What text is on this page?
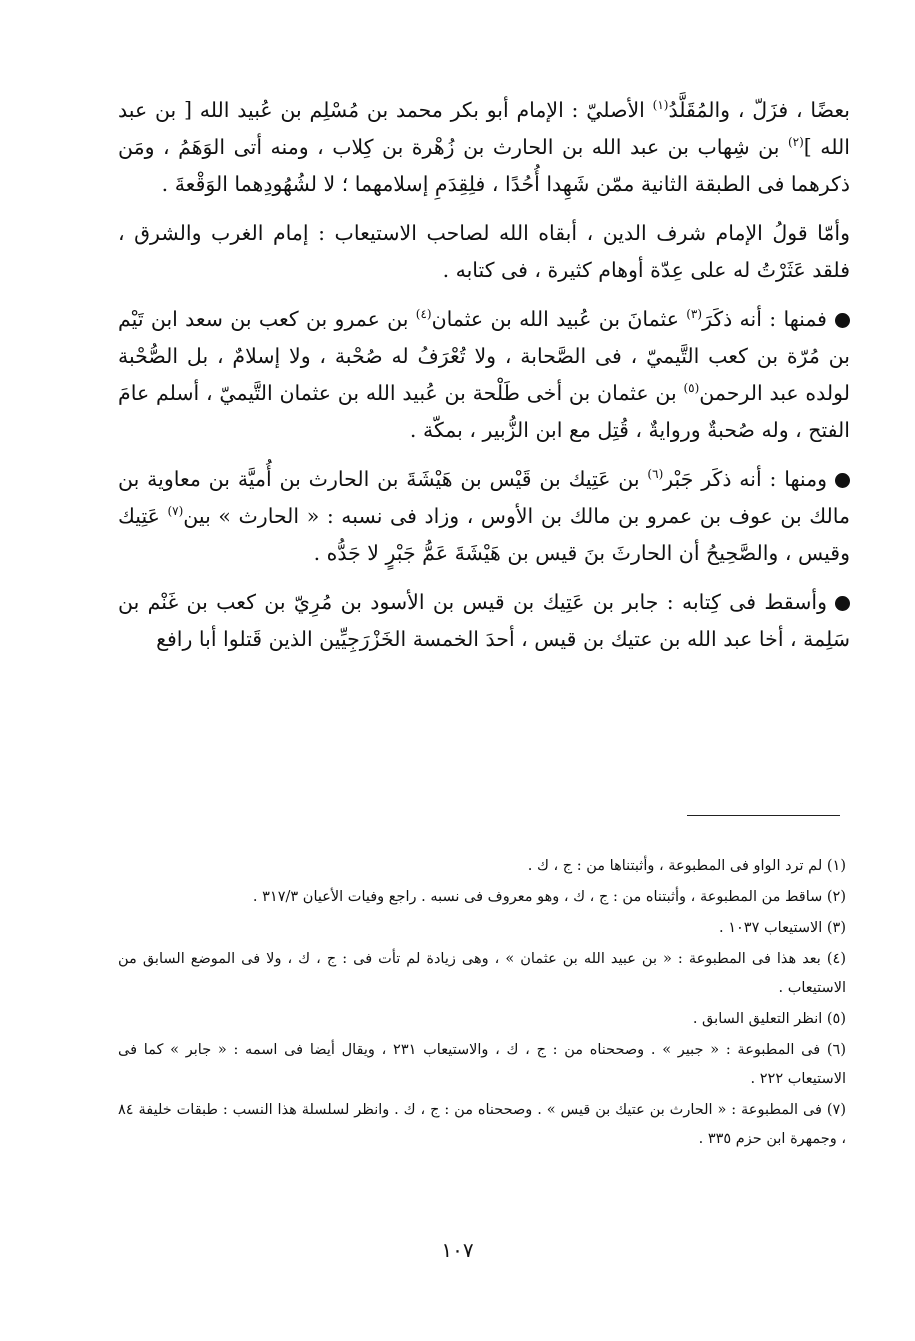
بعضًا ، فزَلّ ، والمُقَلَّدُ$^{(١)}$ الأصليّ : الإمام أبو بكر محمد بن مُسْلِم بن عُبيد الله [ بن عبد الله ]$^{(٢)}$ بن شِهاب بن عبد الله بن الحارث بن زُهْرة بن كِلاب ، ومنه أتى الوَهَمُ ، ومَن ذكرهما فى الطبقة الثانية ممّن شَهِدا أُحُدًا ، فلِقِدَمِ إسلامهما ؛ لا لشُهُودِهما الوَقْعةَ .

وأمّا قولُ الإمام شرف الدين ، أبقاه الله لصاحب الاستيعاب : إمام الغرب والشرق ، فلقد عَثَرْتُ له على عِدّة أوهام كثيرة ، فى كتابه .

فمنها : أنه ذكَرَ$^{(٣)}$ عثمانَ بن عُبيد الله بن عثمان$^{(٤)}$ بن عمرو بن كعب بن سعد ابن تَيْم بن مُرّة بن كعب التَّيميّ ، فى الصَّحابة ، ولا تُعْرَفُ له صُحْبة ، ولا إسلامٌ ، بل الصُّحْبة لولده عبد الرحمن$^{(٥)}$ بن عثمان بن أخى طَلْحة بن عُبيد الله بن عثمان التَّيميّ ، أسلم عامَ الفتح ، وله صُحبةٌ وروايةٌ ، قُتِل مع ابن الزُّبير ، بمكّة .

ومنها : أنه ذكَر جَبْر$^{(٦)}$ بن عَتِيك بن قَيْس بن هَيْشَةَ بن الحارث بن أُميَّة بن معاوية بن مالك بن عوف بن عمرو بن مالك بن الأوس ، وزاد فى نسبه : « الحارث » بين$^{(٧)}$ عَتِيك وقيس ، والصَّحِيحُ أن الحارثَ بنَ قيس بن هَيْشَةَ عَمُّ جَبْرٍ لا جَدُّه .

وأسقط فى كِتابه : جابر بن عَتِيك بن قيس بن الأسود بن مُرِيّ بن كعب بن غَنْم بن سَلِمة ، أخا عبد الله بن عتيك بن قيس ، أحدَ الخمسة الخَزْرَجِيِّين الذين قَتلوا أبا رافع

(١) لم ترد الواو فى المطبوعة ، وأثبتناها من : ج ، ك .
(٢) ساقط من المطبوعة ، وأثبتناه من : ج ، ك ، وهو معروف فى نسبه . راجع وفيات الأعيان ٣١٧/٣ .
(٣) الاستيعاب ١٠٣٧ .
(٤) بعد هذا فى المطبوعة : « بن عبيد الله بن عثمان » ، وهى زيادة لم تأت فى : ج ، ك ، ولا فى الموضع السابق من الاستيعاب .
(٥) انظر التعليق السابق .
(٦) فى المطبوعة : « جبير » . وصححناه من : ج ، ك ، والاستيعاب ٢٣١ ، ويقال أيضا فى اسمه : « جابر » كما فى الاستيعاب ٢٢٢ .
(٧) فى المطبوعة : « الحارث بن عتيك بن قيس » . وصححناه من : ج ، ك . وانظر لسلسلة هذا النسب : طبقات خليفة ٨٤ ، وجمهرة ابن حزم ٣٣٥ .
١٠٧
